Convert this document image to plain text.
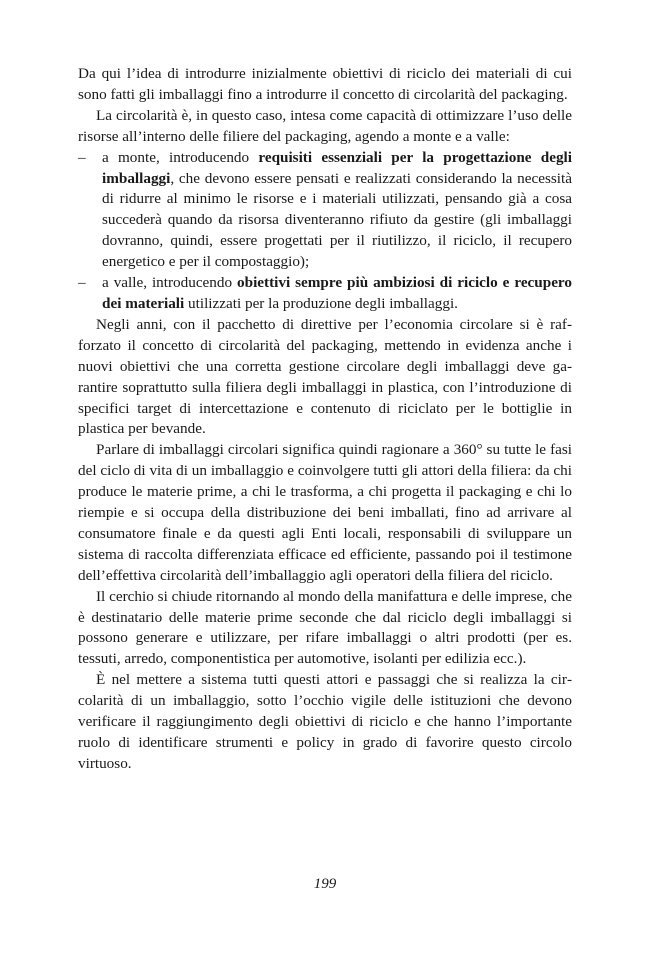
Da qui l’idea di introdurre inizialmente obiettivi di riciclo dei materiali di cui sono fatti gli imballaggi fino a introdurre il concetto di circolarità del packaging.

La circolarità è, in questo caso, intesa come capacità di ottimizzare l’uso delle risorse all’interno delle filiere del packaging, agendo a monte e a valle:

– a monte, introducendo requisiti essenziali per la progettazione degli imballaggi, che devono essere pensati e realizzati considerando la necessità di ridurre al minimo le risorse e i materiali utilizzati, pensando già a cosa succederà quando da risorsa diventeranno rifiuto da gestire (gli imballaggi dovranno, quindi, essere progettati per il riutilizzo, il riciclo, il recupero energetico e per il compostaggio);
– a valle, introducendo obiettivi sempre più ambiziosi di riciclo e recupero dei materiali utilizzati per la produzione degli imballaggi.

Negli anni, con il pacchetto di direttive per l’economia circolare si è rafforzato il concetto di circolarità del packaging, mettendo in evidenza anche i nuovi obiettivi che una corretta gestione circolare degli imballaggi deve garantire soprattutto sulla filiera degli imballaggi in plastica, con l’introduzione di specifici target di intercettazione e contenuto di riciclato per le bottiglie in plastica per bevande.

Parlare di imballaggi circolari significa quindi ragionare a 360° su tutte le fasi del ciclo di vita di un imballaggio e coinvolgere tutti gli attori della filiera: da chi produce le materie prime, a chi le trasforma, a chi progetta il packaging e chi lo riempie e si occupa della distribuzione dei beni imballati, fino ad arrivare al consumatore finale e da questi agli Enti locali, responsabili di sviluppare un sistema di raccolta differenziata efficace ed efficiente, passando poi il testimone dell’effettiva circolarità dell’imballaggio agli operatori della filiera del riciclo.

Il cerchio si chiude ritornando al mondo della manifattura e delle imprese, che è destinatario delle materie prime seconde che dal riciclo degli imballaggi si possono generare e utilizzare, per rifare imballaggi o altri prodotti (per es. tessuti, arredo, componentistica per automotive, isolanti per edilizia ecc.).

È nel mettere a sistema tutti questi attori e passaggi che si realizza la circolarità di un imballaggio, sotto l’occhio vigile delle istituzioni che devono verificare il raggiungimento degli obiettivi di riciclo e che hanno l’importante ruolo di identificare strumenti e policy in grado di favorire questo circolo virtuoso.

199
